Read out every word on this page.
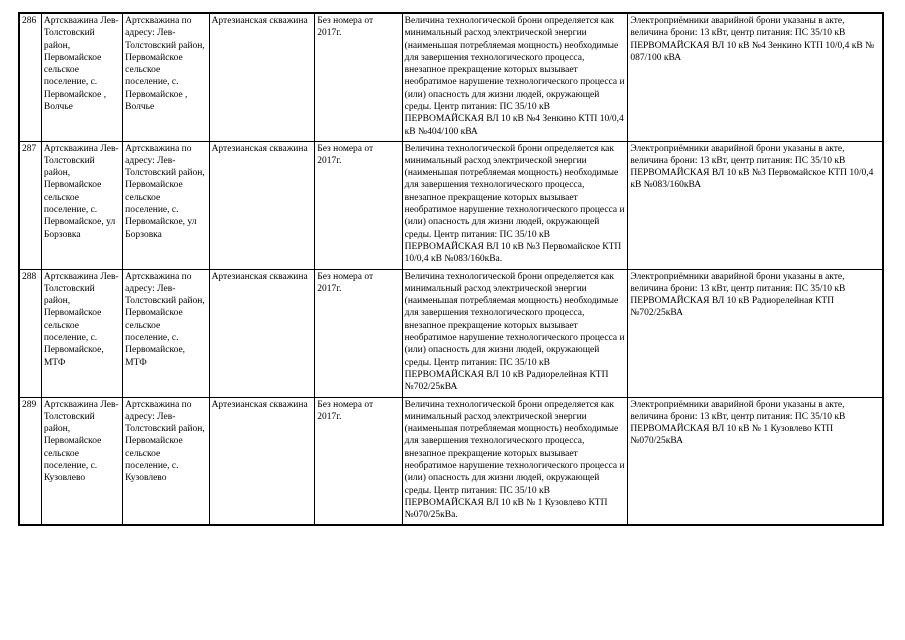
286	Артскважина Лев-Толстовский район, Первомайское сельское поселение, с. Первомайское , Волчье	Артскважина по адресу: Лев-Толстовский район, Первомайское сельское поселение, с. Первомайское , Волчье	Артезианская скважина	Без номера от 2017г.	Величина технологической брони определяется как минимальный расход электрической энергии (наименьшая потребляемая мощность) необходимые для завершения технологического процесса, внезапное прекращение которых вызывает необратимое нарушение технологического процесса и (или) опасность для жизни людей, окружающей среды. Центр питания: ПС 35/10 кВ ПЕРВОМАЙСКАЯ ВЛ 10 кВ №4 Зенкино КТП 10/0,4 кВ №404/100 кВА	Электроприёмники аварийной брони указаны в акте, величина брони: 13 кВт, центр питания: ПС 35/10 кВ ПЕРВОМАЙСКАЯ ВЛ 10 кВ №4 Зенкино КТП 10/0,4 кВ № 087/100 кВА
287	Артскважина Лев-Толстовский район, Первомайское сельское поселение, с. Первомайское, ул Борзовка	Артскважина по адресу: Лев-Толстовский район, Первомайское сельское поселение, с. Первомайское, ул Борзовка	Артезианская скважина	Без номера от 2017г.	Величина технологической брони определяется как минимальный расход электрической энергии (наименьшая потребляемая мощность) необходимые для завершения технологического процесса, внезапное прекращение которых вызывает необратимое нарушение технологического процесса и (или) опасность для жизни людей, окружающей среды. Центр питания: ПС 35/10 кВ ПЕРВОМАЙСКАЯ ВЛ 10 кВ №3 Первомайское КТП 10/0,4 кВ №083/160кВа.	Электроприёмники аварийной брони указаны в акте, величина брони: 13 кВт, центр питания: ПС 35/10 кВ ПЕРВОМАЙСКАЯ ВЛ 10 кВ №3 Первомайское КТП 10/0,4 кВ №083/160кВА
288	Артскважина Лев-Толстовский район, Первомайское сельское поселение, с. Первомайское, МТФ	Артскважина по адресу: Лев-Толстовский район, Первомайское сельское поселение, с. Первомайское, МТФ	Артезианская скважина	Без номера от 2017г.	Величина технологической брони определяется как минимальный расход электрической энергии (наименьшая потребляемая мощность) необходимые для завершения технологического процесса, внезапное прекращение которых вызывает необратимое нарушение технологического процесса и (или) опасность для жизни людей, окружающей среды. Центр питания: ПС 35/10 кВ ПЕРВОМАЙСКАЯ ВЛ 10 кВ Радиорелейная КТП №702/25кВА	Электроприёмники аварийной брони указаны в акте, величина брони: 13 кВт, центр питания: ПС 35/10 кВ ПЕРВОМАЙСКАЯ ВЛ 10 кВ Радиорелейная КТП №702/25кВА
289	Артскважина Лев-Толстовский район, Первомайское сельское поселение, с. Кузовлево	Артскважина по адресу: Лев-Толстовский район, Первомайское сельское поселение, с. Кузовлево	Артезианская скважина	Без номера от 2017г.	Величина технологической брони определяется как минимальный расход электрической энергии (наименьшая потребляемая мощность) необходимые для завершения технологического процесса, внезапное прекращение которых вызывает необратимое нарушение технологического процесса и (или) опасность для жизни людей, окружающей среды. Центр питания: ПС 35/10 кВ ПЕРВОМАЙСКАЯ ВЛ 10 кВ № 1 Кузовлево КТП №070/25кВа.	Электроприёмники аварийной брони указаны в акте, величина брони: 13 кВт, центр питания: ПС 35/10 кВ ПЕРВОМАЙСКАЯ ВЛ 10 кВ № 1 Кузовлево КТП №070/25кВА
